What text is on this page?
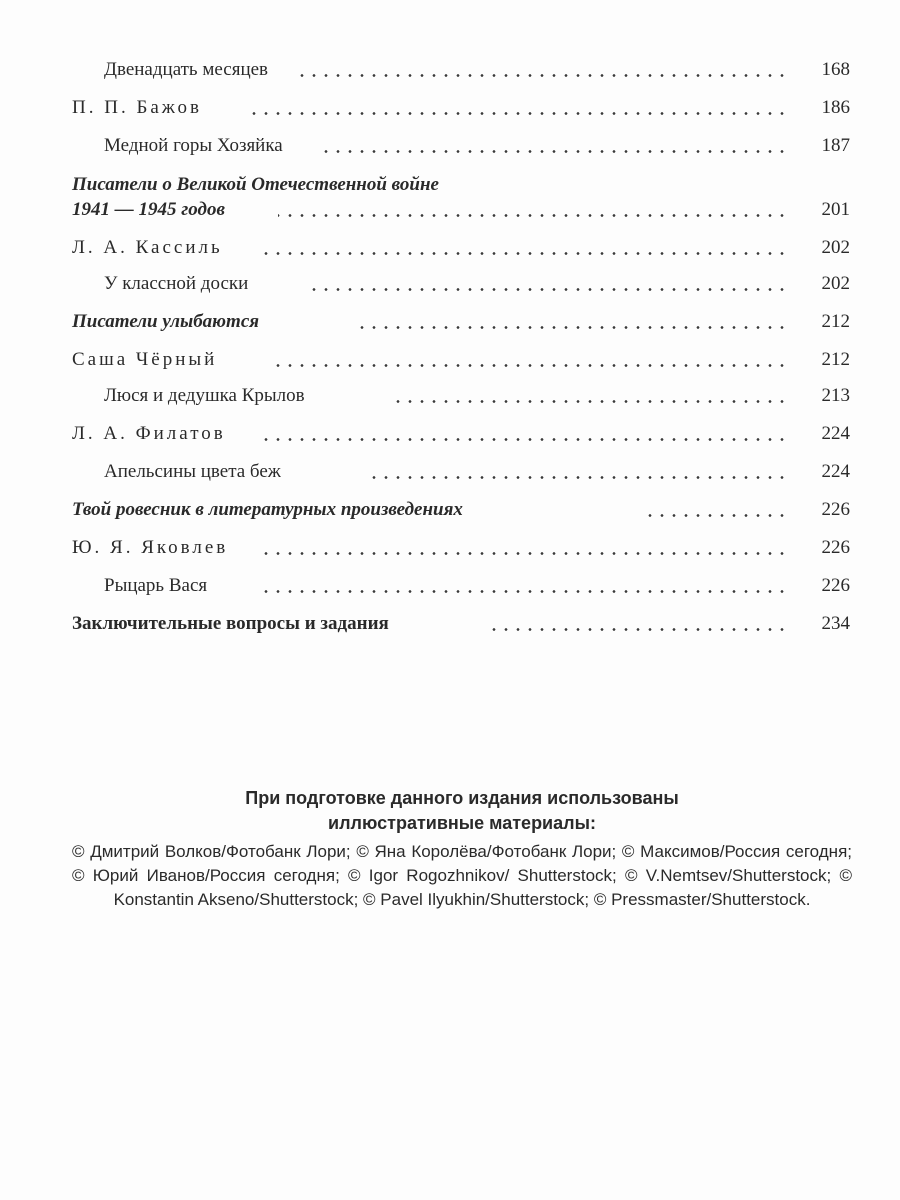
Двенадцать месяцев	168
П. П. Бажов	186
Медной горы Хозяйка	187
Писатели о Великой Отечественной войне
1941 — 1945 годов	201
Л. А. Кассиль	202
У классной доски	202
Писатели улыбаются	212
Саша Чёрный	212
Люся и дедушка Крылов	213
Л. А. Филатов	224
Апельсины цвета беж	224
Твой ровесник в литературных произведениях	226
Ю. Я. Яковлев	226
Рыцарь Вася	226
Заключительные вопросы и задания	234
При подготовке данного издания использованы
иллюстративные материалы:

© Дмитрий Волков/Фотобанк Лори; © Яна Королёва/Фотобанк Лори; © Максимов/Россия сегодня; © Юрий Иванов/Россия сегодня; © Igor Rogozhnikov/ Shutterstock; © V.Nemtsev/Shutterstock; © Konstantin Akseno/Shutterstock; © Pavel Ilyukhin/Shutterstock; © Pressmaster/Shutterstock.
